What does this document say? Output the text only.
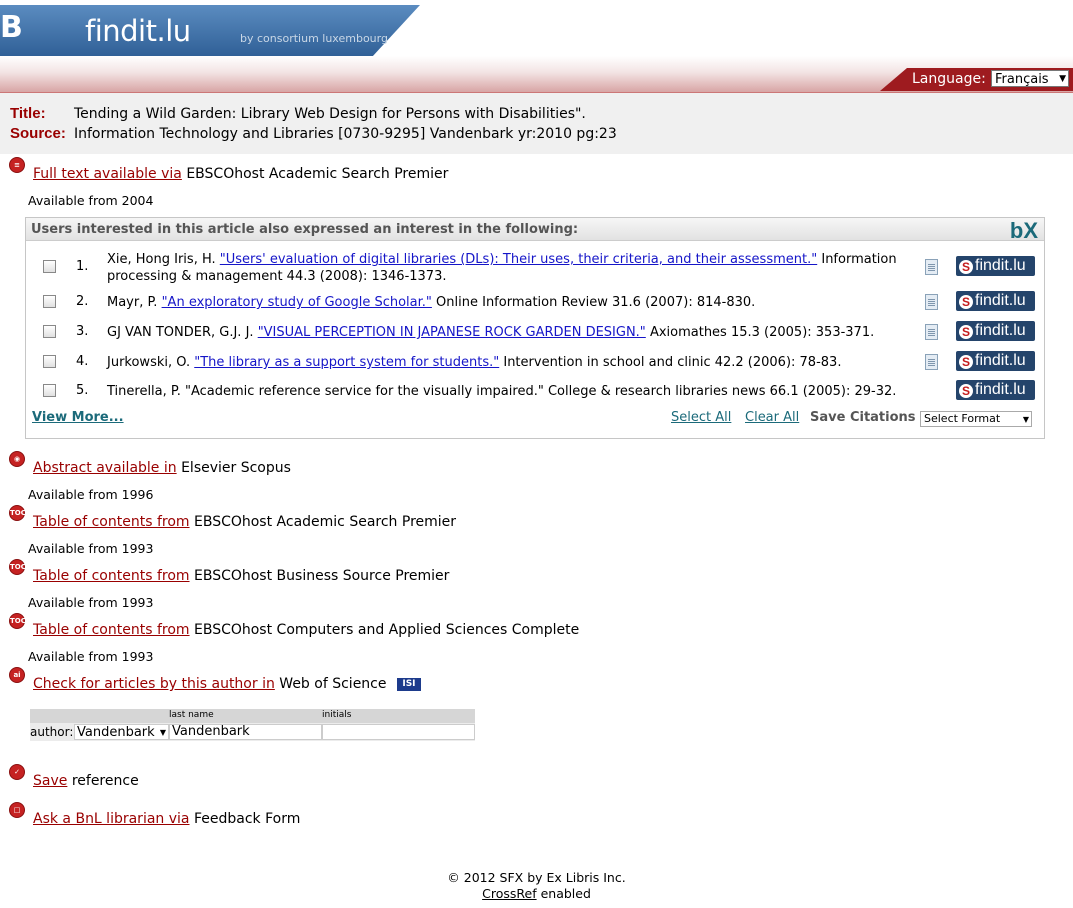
B findit.lu	by consortium luxembourg
Language: Français ▼
Title: Tending a Wild Garden: Library Web Design for Persons with Disabilities".
Source: Information Technology and Libraries [0730-9295] Vandenbark yr:2010 pg:23
≡
Full text available via EBSCOhost Academic Search Premier
Available from 2004
Users interested in this article also expressed an interest in the following:	bX
1. Xie, Hong Iris, H. "Users' evaluation of digital libraries (DLs): Their uses, their criteria, and their assessment." Information processing & management 44.3 (2008): 1346-1373.
S findit.lu
2. Mayr, P. "An exploratory study of Google Scholar." Online Information Review 31.6 (2007): 814-830.	S findit.lu
3. GJ VAN TONDER, G.J. J. "VISUAL PERCEPTION IN JAPANESE ROCK GARDEN DESIGN." Axiomathes 15.3 (2005): 353-371.	S findit.lu
4. Jurkowski, O. "The library as a support system for students." Intervention in school and clinic 42.2 (2006): 78-83.	S findit.lu
5. Tinerella, P. "Academic reference service for the visually impaired." College & research libraries news 66.1 (2005): 29-32.	S findit.lu
View More...	Select All Clear All Save Citations Select Format	▼
◉
Abstract available in Elsevier Scopus
Available from 1996
TOC
Table of contents from EBSCOhost Academic Search Premier
Available from 1993
TOC
Table of contents from EBSCOhost Business Source Premier
Available from 1993
TOC
Table of contents from EBSCOhost Computers and Applied Sciences Complete
Available from 1993
ai
Check for articles by this author in Web of Science ISI
last name	initials
author: Vandenbark ▼ Vandenbark
✓
Save reference
□
Ask a BnL librarian via Feedback Form
© 2012 SFX by Ex Libris Inc.
CrossRef enabled
